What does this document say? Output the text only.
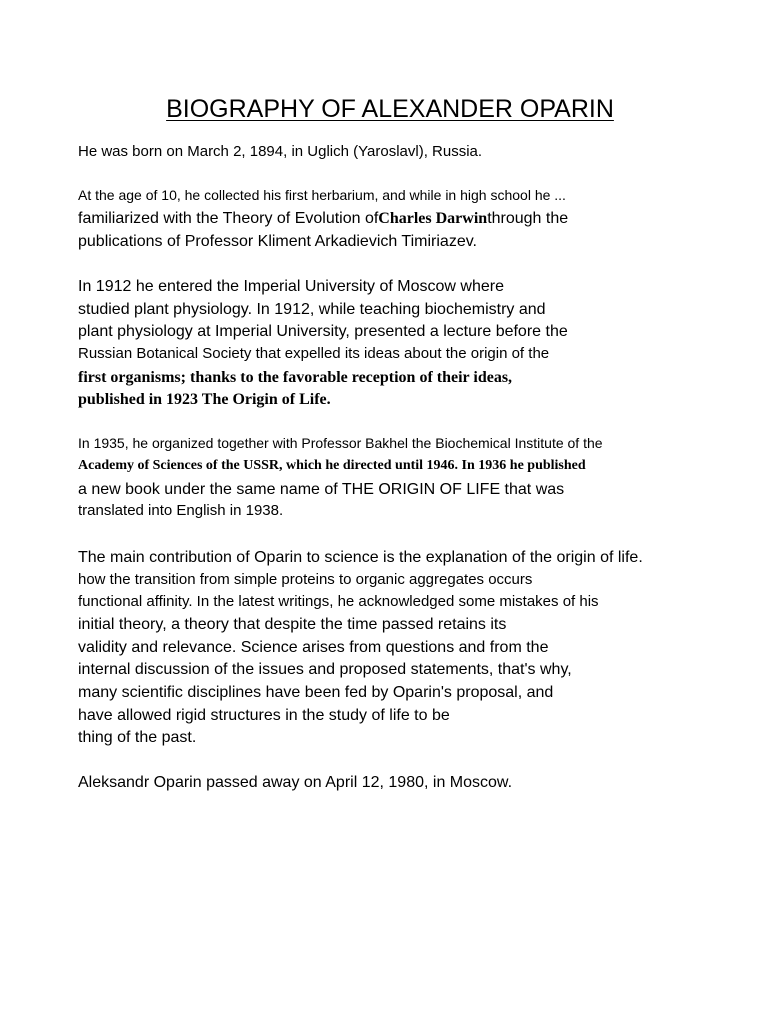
BIOGRAPHY OF ALEXANDER OPARIN

He was born on March 2, 1894, in Uglich (Yaroslavl), Russia.

At the age of 10, he collected his first herbarium, and while in high school he ...

familiarized with the Theory of Evolution ofCharles Darwinthrough the

publications of Professor Kliment Arkadievich Timiriazev.

In 1912 he entered the Imperial University of Moscow where

studied plant physiology. In 1912, while teaching biochemistry and

plant physiology at Imperial University, presented a lecture before the

Russian Botanical Society that expelled its ideas about the origin of the

first organisms; thanks to the favorable reception of their ideas,

published in 1923 The Origin of Life.

In 1935, he organized together with Professor Bakhel the Biochemical Institute of the

Academy of Sciences of the USSR, which he directed until 1946. In 1936 he published

a new book under the same name of THE ORIGIN OF LIFE that was

translated into English in 1938.

The main contribution of Oparin to science is the explanation of the origin of life.

how the transition from simple proteins to organic aggregates occurs

functional affinity. In the latest writings, he acknowledged some mistakes of his

initial theory, a theory that despite the time passed retains its

validity and relevance. Science arises from questions and from the

internal discussion of the issues and proposed statements, that's why,

many scientific disciplines have been fed by Oparin's proposal, and

have allowed rigid structures in the study of life to be

thing of the past.

Aleksandr Oparin passed away on April 12, 1980, in Moscow.
